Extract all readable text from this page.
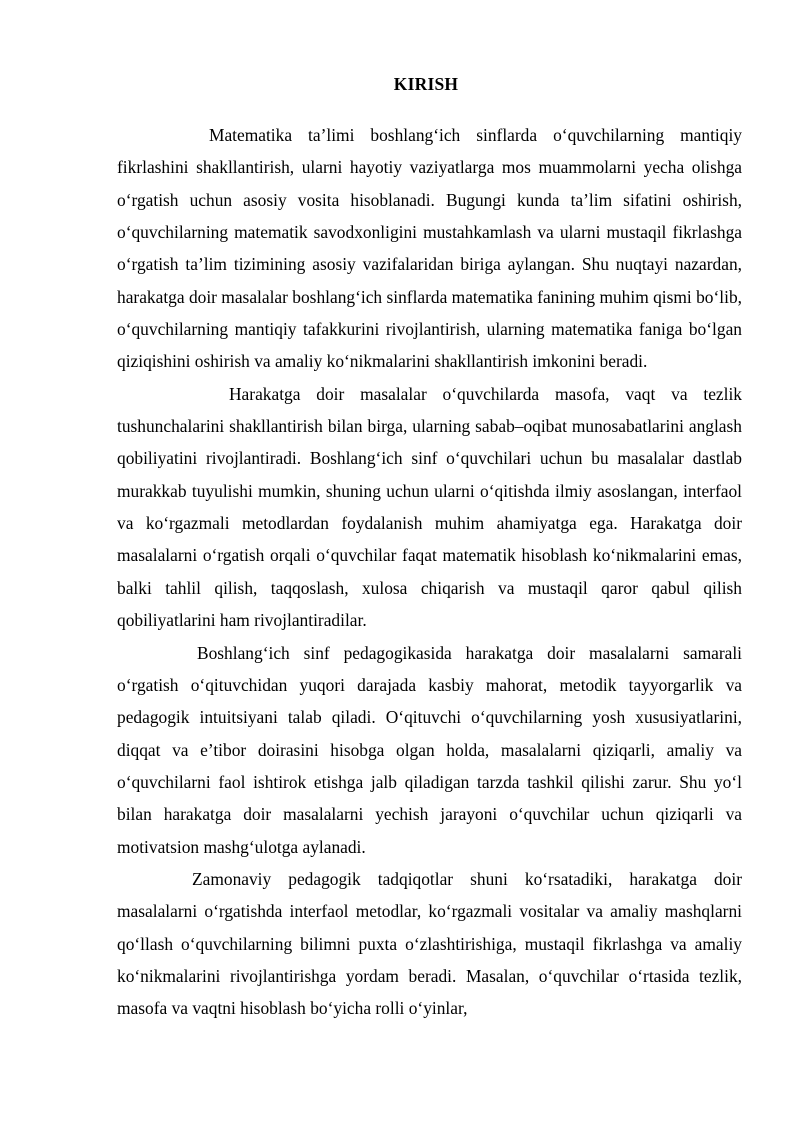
KIRISH

Matematika ta’limi boshlang‘ich sinflarda o‘quvchilarning mantiqiy fikrlashini shakllantirish, ularni hayotiy vaziyatlarga mos muammolarni yecha olishga o‘rgatish uchun asosiy vosita hisoblanadi. Bugungi kunda ta’lim sifatini oshirish, o‘quvchilarning matematik savodxonligini mustahkamlash va ularni mustaqil fikrlashga o‘rgatish ta’lim tizimining asosiy vazifalaridan biriga aylangan. Shu nuqtayi nazardan, harakatga doir masalalar boshlang‘ich sinflarda matematika fanining muhim qismi bo‘lib, o‘quvchilarning mantiqiy tafakkurini rivojlantirish, ularning matematika faniga bo‘lgan qiziqishini oshirish va amaliy ko‘nikmalarini shakllantirish imkonini beradi.

Harakatga doir masalalar o‘quvchilarda masofa, vaqt va tezlik tushunchalarini shakllantirish bilan birga, ularning sabab–oqibat munosabatlarini anglash qobiliyatini rivojlantiradi. Boshlang‘ich sinf o‘quvchilari uchun bu masalalar dastlab murakkab tuyulishi mumkin, shuning uchun ularni o‘qitishda ilmiy asoslangan, interfaol va ko‘rgazmali metodlardan foydalanish muhim ahamiyatga ega. Harakatga doir masalalarni o‘rgatish orqali o‘quvchilar faqat matematik hisoblash ko‘nikmalarini emas, balki tahlil qilish, taqqoslash, xulosa chiqarish va mustaqil qaror qabul qilish qobiliyatlarini ham rivojlantiradilar.

Boshlang‘ich sinf pedagogikasida harakatga doir masalalarni samarali o‘rgatish o‘qituvchidan yuqori darajada kasbiy mahorat, metodik tayyorgarlik va pedagogik intuitsiyani talab qiladi. O‘qituvchi o‘quvchilarning yosh xususiyatlarini, diqqat va e’tibor doirasini hisobga olgan holda, masalalarni qiziqarli, amaliy va o‘quvchilarni faol ishtirok etishga jalb qiladigan tarzda tashkil qilishi zarur. Shu yo‘l bilan harakatga doir masalalarni yechish jarayoni o‘quvchilar uchun qiziqarli va motivatsion mashg‘ulotga aylanadi.

Zamonaviy pedagogik tadqiqotlar shuni ko‘rsatadiki, harakatga doir masalalarni o‘rgatishda interfaol metodlar, ko‘rgazmali vositalar va amaliy mashqlarni qo‘llash o‘quvchilarning bilimni puxta o‘zlashtirishiga, mustaqil fikrlashga va amaliy ko‘nikmalarini rivojlantirishga yordam beradi. Masalan, o‘quvchilar o‘rtasida tezlik, masofa va vaqtni hisoblash bo‘yicha rolli o‘yinlar,
